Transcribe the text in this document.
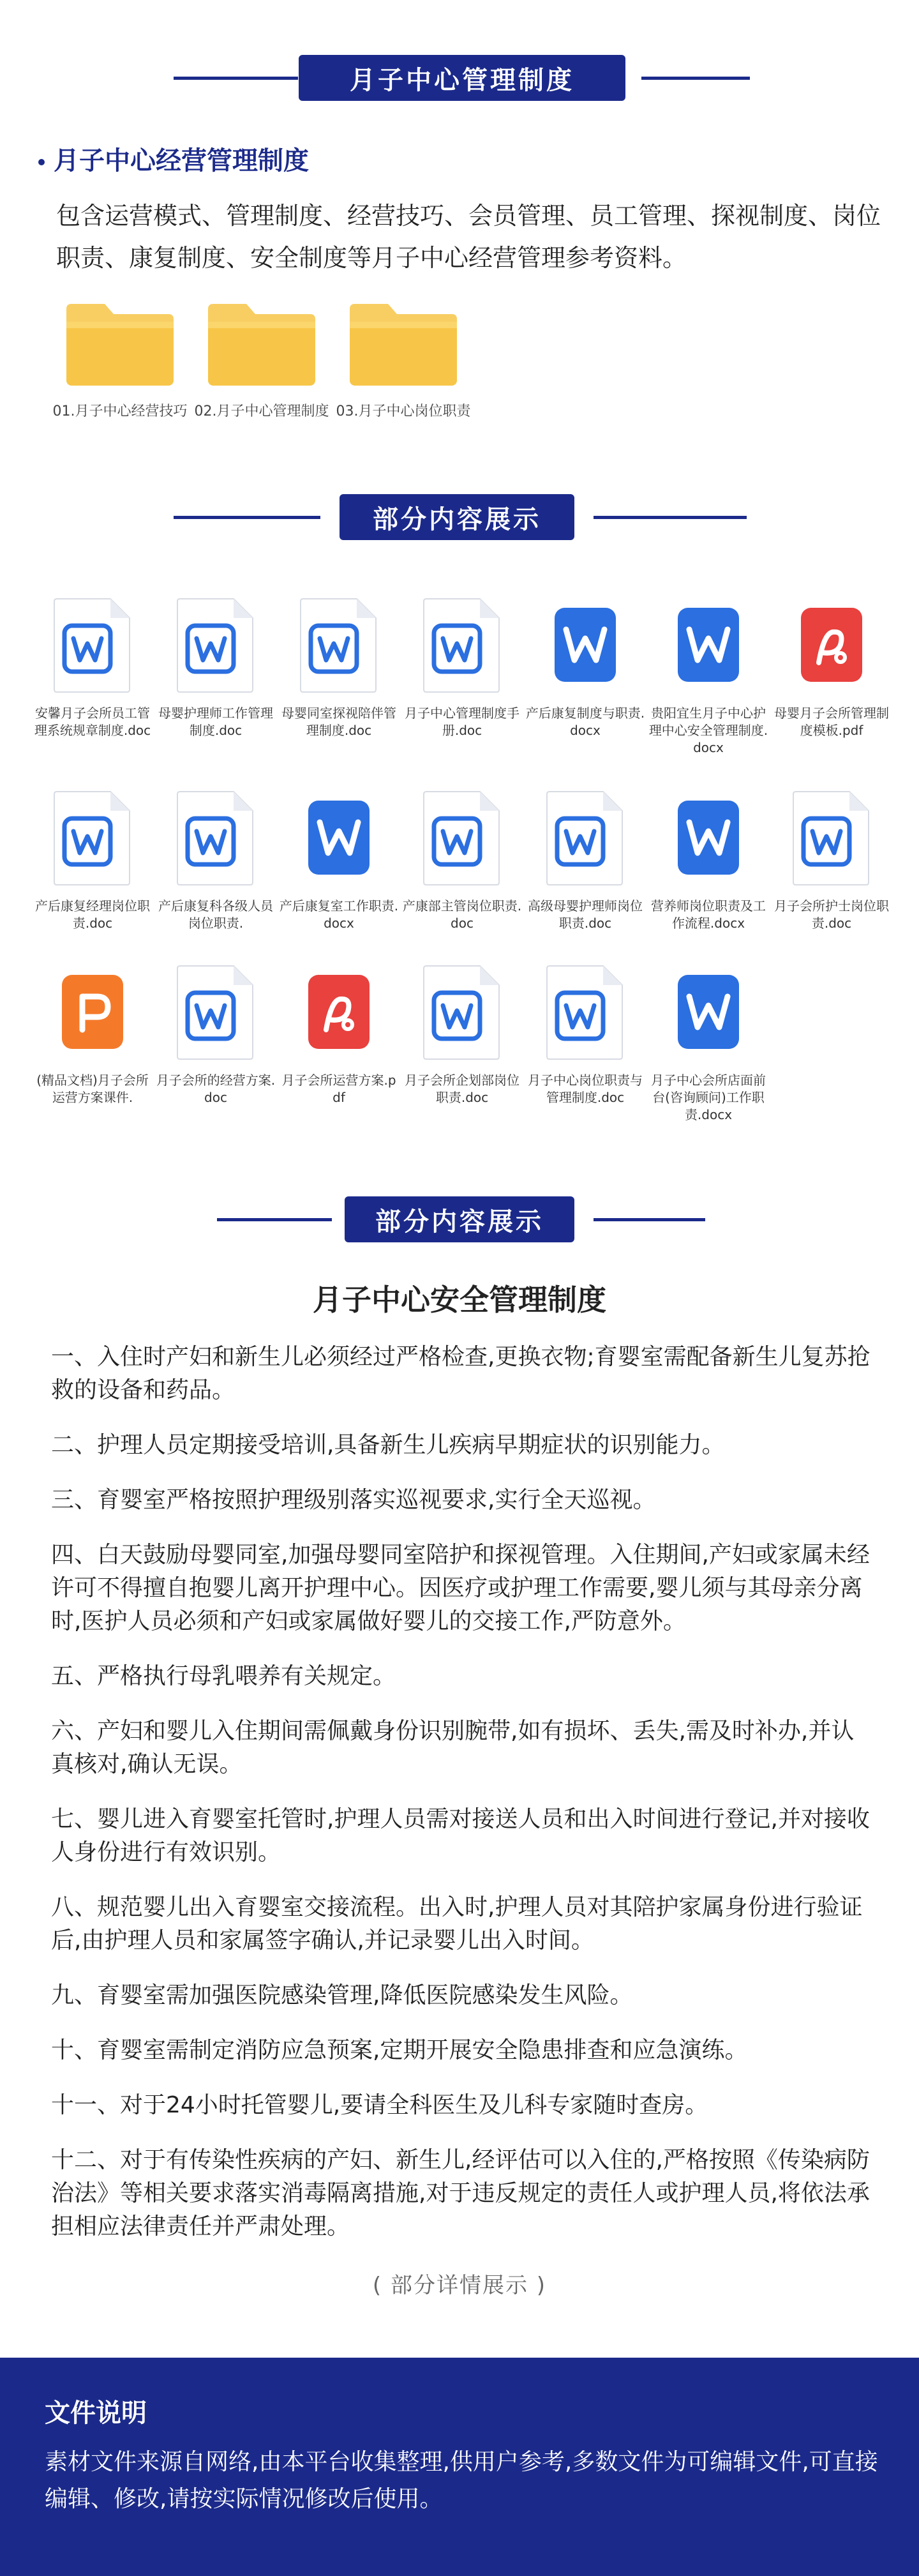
月子中心管理制度
月子中心经营管理制度
包含运营模式、管理制度、经营技巧、会员管理、员工管理、探视制度、岗位职责、康复制度、安全制度等月子中心经营管理参考资料。
01.月子中心经营技巧 02.月子中心管理制度 03.月子中心岗位职责
部分内容展示
安馨月子会所员工管理系统规章制度.doc
母婴护理师工作管理制度.doc
母婴同室探视陪伴管理制度.doc
月子中心管理制度手册.doc
产后康复制度与职责.docx
贵阳宜生月子中心护理中心安全管理制度.docx
母婴月子会所管理制度模板.pdf
产后康复经理岗位职责.doc
产后康复科各级人员岗位职责.
产后康复室工作职责.docx
产康部主管岗位职责.doc
高级母婴护理师岗位职责.doc
营养师岗位职责及工作流程.docx
月子会所护士岗位职责.doc
(精品文档)月子会所运营方案课件.
月子会所的经营方案.doc
月子会所运营方案.pdf
月子会所企划部岗位职责.doc
月子中心岗位职责与管理制度.doc
月子中心会所店面前台(咨询顾问)工作职责.docx
部分内容展示
月子中心安全管理制度

一、入住时产妇和新生儿必须经过严格检查,更换衣物;育婴室需配备新生儿复苏抢救的设备和药品。

二、护理人员定期接受培训,具备新生儿疾病早期症状的识别能力。

三、育婴室严格按照护理级别落实巡视要求,实行全天巡视。

四、白天鼓励母婴同室,加强母婴同室陪护和探视管理。入住期间,产妇或家属未经许可不得擅自抱婴儿离开护理中心。因医疗或护理工作需要,婴儿须与其母亲分离时,医护人员必须和产妇或家属做好婴儿的交接工作,严防意外。

五、严格执行母乳喂养有关规定。

六、产妇和婴儿入住期间需佩戴身份识别腕带,如有损坏、丢失,需及时补办,并认真核对,确认无误。

七、婴儿进入育婴室托管时,护理人员需对接送人员和出入时间进行登记,并对接收人身份进行有效识别。

八、规范婴儿出入育婴室交接流程。出入时,护理人员对其陪护家属身份进行验证后,由护理人员和家属签字确认,并记录婴儿出入时间。

九、育婴室需加强医院感染管理,降低医院感染发生风险。

十、育婴室需制定消防应急预案,定期开展安全隐患排查和应急演练。

十一、对于24小时托管婴儿,要请全科医生及儿科专家随时查房。

十二、对于有传染性疾病的产妇、新生儿,经评估可以入住的,严格按照《传染病防治法》等相关要求落实消毒隔离措施,对于违反规定的责任人或护理人员,将依法承担相应法律责任并严肃处理。

( 部分详情展示 )
文件说明

素材文件来源自网络,由本平台收集整理,供用户参考,多数文件为可编辑文件,可直接编辑、修改,请按实际情况修改后使用。
